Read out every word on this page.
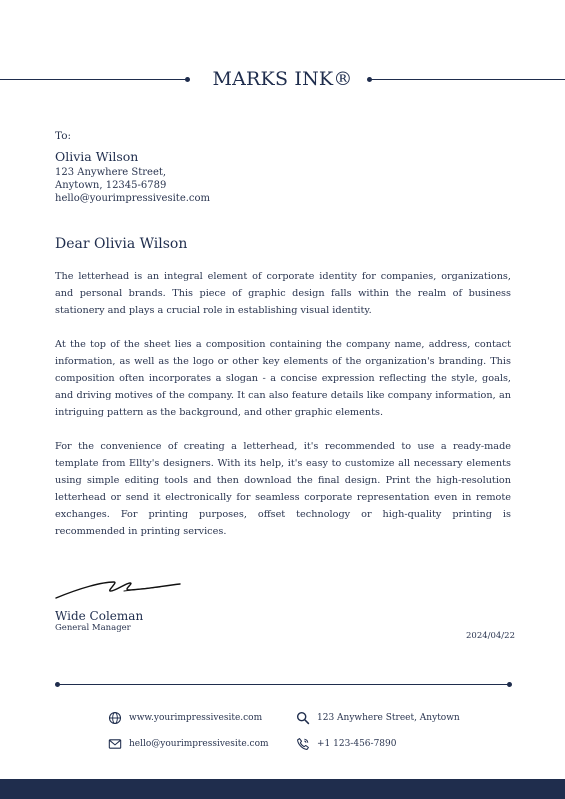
MARKS INK®
To:
Olivia Wilson
123 Anywhere Street,
Anytown, 12345-6789
hello@yourimpressivesite.com
Dear Olivia Wilson

The letterhead is an integral element of corporate identity for companies, organizations, and personal brands. This piece of graphic design falls within the realm of business stationery and plays a crucial role in establishing visual identity.

At the top of the sheet lies a composition containing the company name, address, contact information, as well as the logo or other key elements of the organization's branding. This composition often incorporates a slogan - a concise expression reflecting the style, goals, and driving motives of the company. It can also feature details like company information, an intriguing pattern as the background, and other graphic elements.

For the convenience of creating a letterhead, it's recommended to use a ready-made template from Ellty's designers. With its help, it's easy to customize all necessary elements using simple editing tools and then download the final design. Print the high-resolution letterhead or send it electronically for seamless corporate representation even in remote exchanges. For printing purposes, offset technology or high-quality printing is recommended in printing services.

Wide Coleman
General Manager
2024/04/22
www.yourimpressivesite.com	123 Anywhere Street, Anytown
hello@yourimpressivesite.com	+1 123-456-7890
